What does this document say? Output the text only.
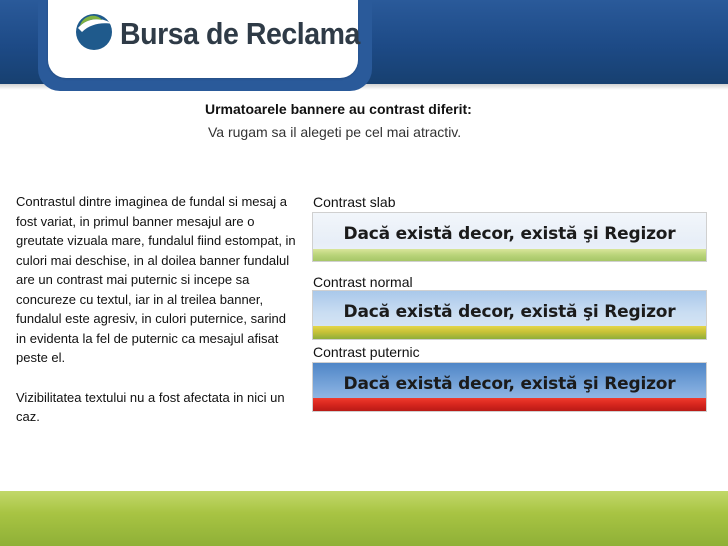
Bursa de Reclama
Urmatoarele bannere au contrast diferit:
Va rugam sa il alegeti pe cel mai atractiv.

Contrastul dintre imaginea de fundal si mesaj a fost variat, in primul banner mesajul are o greutate vizuala mare, fundalul fiind estompat, in culori mai deschise, in al doilea banner fundalul are un contrast mai puternic si incepe sa concureze cu textul, iar in al treilea banner, fundalul este agresiv, in culori puternice, sarind in evidenta la fel de puternic ca mesajul afisat peste el.

Vizibilitatea textului nu a fost afectata in nici un caz.

Contrast slab
Dacă există decor, există şi Regizor
Contrast normal
Dacă există decor, există şi Regizor
Contrast puternic
Dacă există decor, există şi Regizor
